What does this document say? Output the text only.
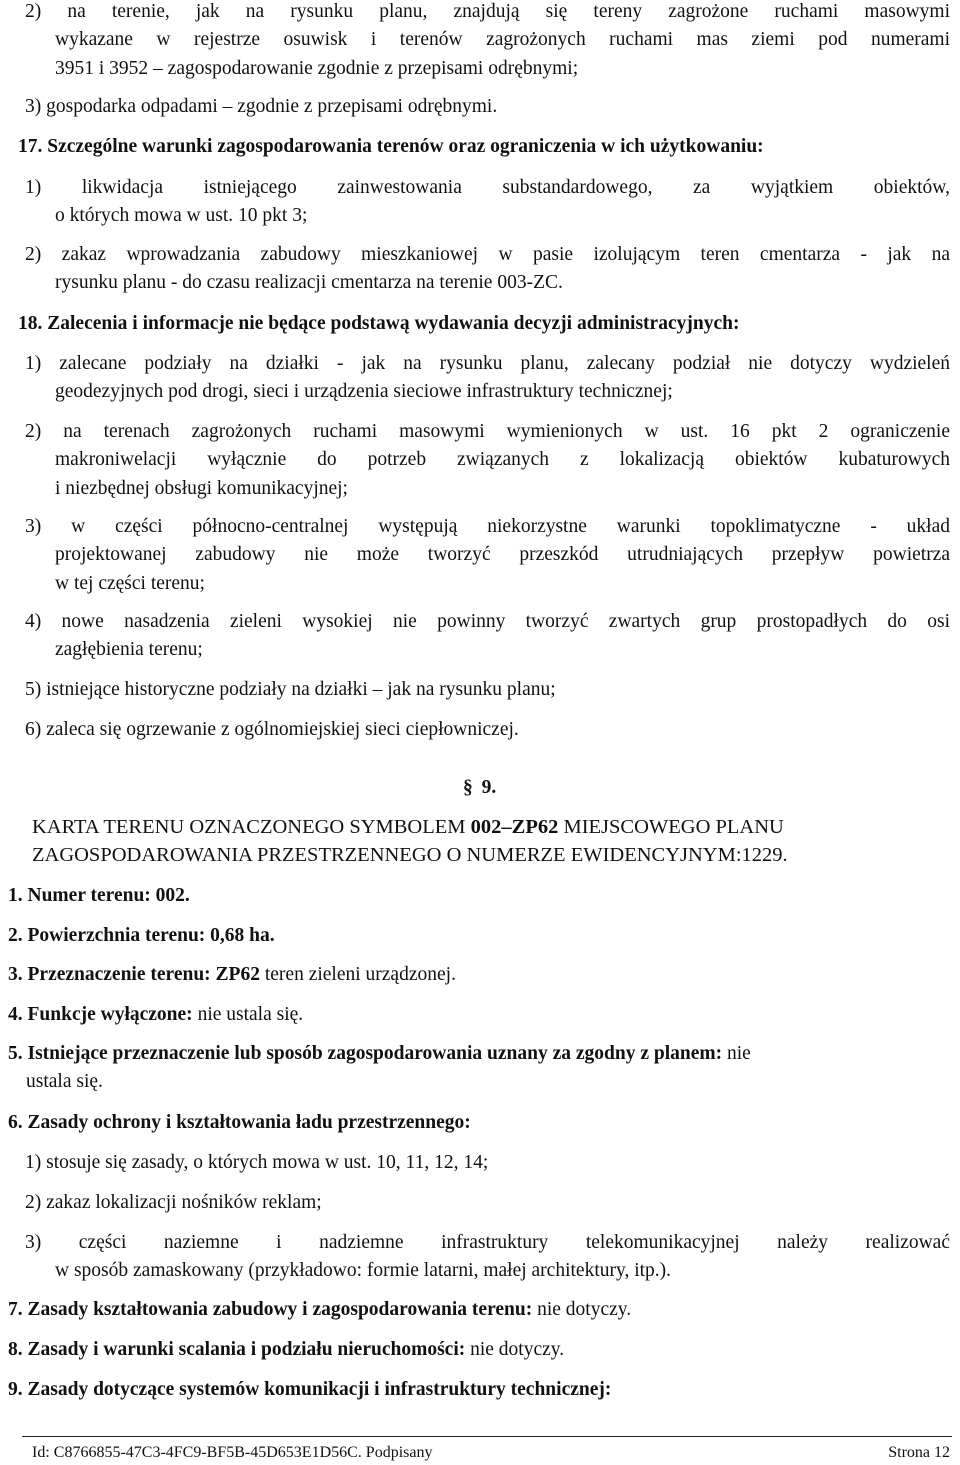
2) na terenie, jak na rysunku planu, znajdują się tereny zagrożone ruchami masowymi
wykazane w rejestrze osuwisk i terenów zagrożonych ruchami mas ziemi pod numerami
3951 i 3952 – zagospodarowanie zgodnie z przepisami odrębnymi;
3) gospodarka odpadami – zgodnie z przepisami odrębnymi.
17. Szczególne warunki zagospodarowania terenów oraz ograniczenia w ich użytkowaniu:
1) likwidacja istniejącego zainwestowania substandardowego, za wyjątkiem obiektów,
o których mowa w ust. 10 pkt 3;
2) zakaz wprowadzania zabudowy mieszkaniowej w pasie izolującym teren cmentarza - jak na
rysunku planu - do czasu realizacji cmentarza na terenie 003-ZC.
18. Zalecenia i informacje nie będące podstawą wydawania decyzji administracyjnych:
1) zalecane podziały na działki - jak na rysunku planu, zalecany podział nie dotyczy wydzieleń
geodezyjnych pod drogi, sieci i urządzenia sieciowe infrastruktury technicznej;
2) na terenach zagrożonych ruchami masowymi wymienionych w ust. 16 pkt 2 ograniczenie
makroniwelacji wyłącznie do potrzeb związanych z lokalizacją obiektów kubaturowych
i niezbędnej obsługi komunikacyjnej;
3) w części północno-centralnej występują niekorzystne warunki topoklimatyczne - układ
projektowanej zabudowy nie może tworzyć przeszkód utrudniających przepływ powietrza
w tej części terenu;
4) nowe nasadzenia zieleni wysokiej nie powinny tworzyć zwartych grup prostopadłych do osi
zagłębienia terenu;
5) istniejące historyczne podziały na działki – jak na rysunku planu;
6) zaleca się ogrzewanie z ogólnomiejskiej sieci ciepłowniczej.
§ 9.
KARTA TERENU OZNACZONEGO SYMBOLEM 002–ZP62 MIEJSCOWEGO PLANU
ZAGOSPODAROWANIA PRZESTRZENNEGO O NUMERZE EWIDENCYJNYM:1229.
1. Numer terenu: 002.
2. Powierzchnia terenu: 0,68 ha.
3. Przeznaczenie terenu: ZP62 teren zieleni urządzonej.
4. Funkcje wyłączone: nie ustala się.
5. Istniejące przeznaczenie lub sposób zagospodarowania uznany za zgodny z planem: nie
ustala się.
6. Zasady ochrony i kształtowania ładu przestrzennego:
1) stosuje się zasady, o których mowa w ust. 10, 11, 12, 14;
2) zakaz lokalizacji nośników reklam;
3) części naziemne i nadziemne infrastruktury telekomunikacyjnej należy realizować
w sposób zamaskowany (przykładowo: formie latarni, małej architektury, itp.).
7. Zasady kształtowania zabudowy i zagospodarowania terenu: nie dotyczy.
8. Zasady i warunki scalania i podziału nieruchomości: nie dotyczy.
9. Zasady dotyczące systemów komunikacji i infrastruktury technicznej:
Id: C8766855-47C3-4FC9-BF5B-45D653E1D56C. Podpisany	Strona 12
